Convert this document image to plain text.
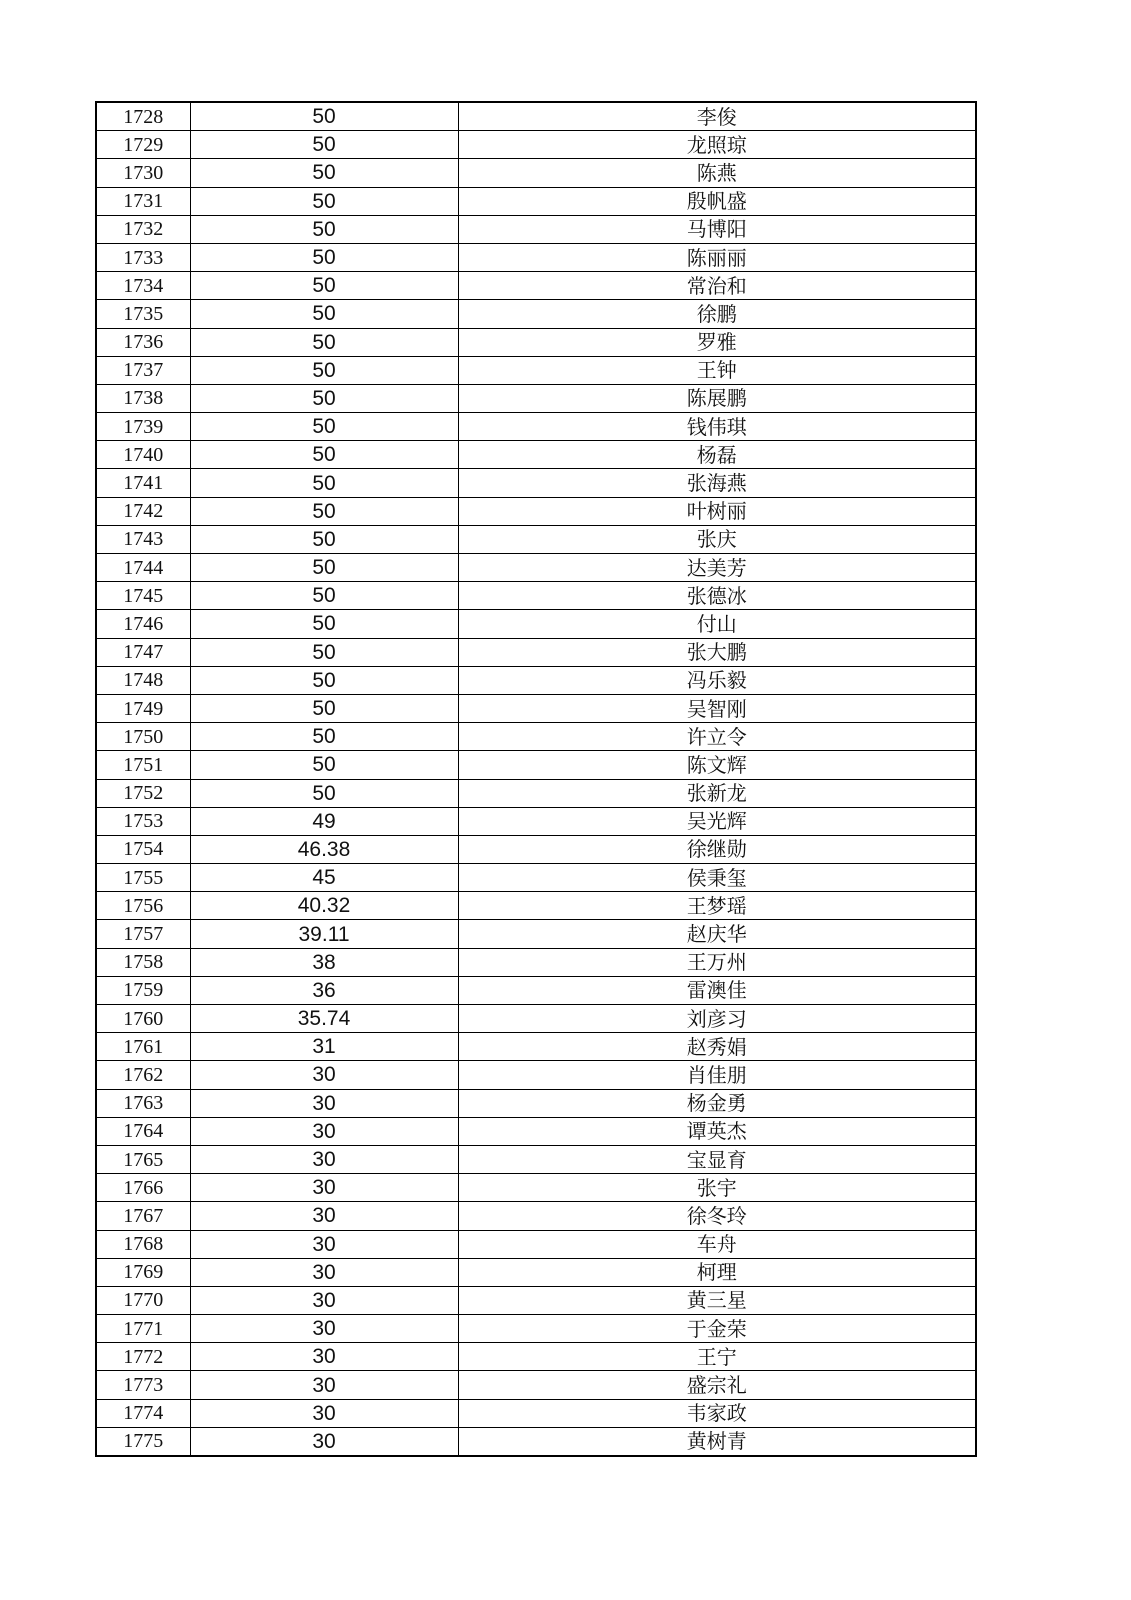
1728	50	李俊
1729	50	龙照琼
1730	50	陈燕
1731	50	殷帆盛
1732	50	马博阳
1733	50	陈丽丽
1734	50	常治和
1735	50	徐鹏
1736	50	罗雅
1737	50	王钟
1738	50	陈展鹏
1739	50	钱伟琪
1740	50	杨磊
1741	50	张海燕
1742	50	叶树丽
1743	50	张庆
1744	50	达美芳
1745	50	张德冰
1746	50	付山
1747	50	张大鹏
1748	50	冯乐毅
1749	50	吴智刚
1750	50	许立令
1751	50	陈文辉
1752	50	张新龙
1753	49	吴光辉
1754	46.38	徐继勋
1755	45	侯秉玺
1756	40.32	王梦瑶
1757	39.11	赵庆华
1758	38	王万州
1759	36	雷澳佳
1760	35.74	刘彦习
1761	31	赵秀娟
1762	30	肖佳朋
1763	30	杨金勇
1764	30	谭英杰
1765	30	宝显育
1766	30	张宇
1767	30	徐冬玲
1768	30	车舟
1769	30	柯理
1770	30	黄三星
1771	30	于金荣
1772	30	王宁
1773	30	盛宗礼
1774	30	韦家政
1775	30	黄树青
